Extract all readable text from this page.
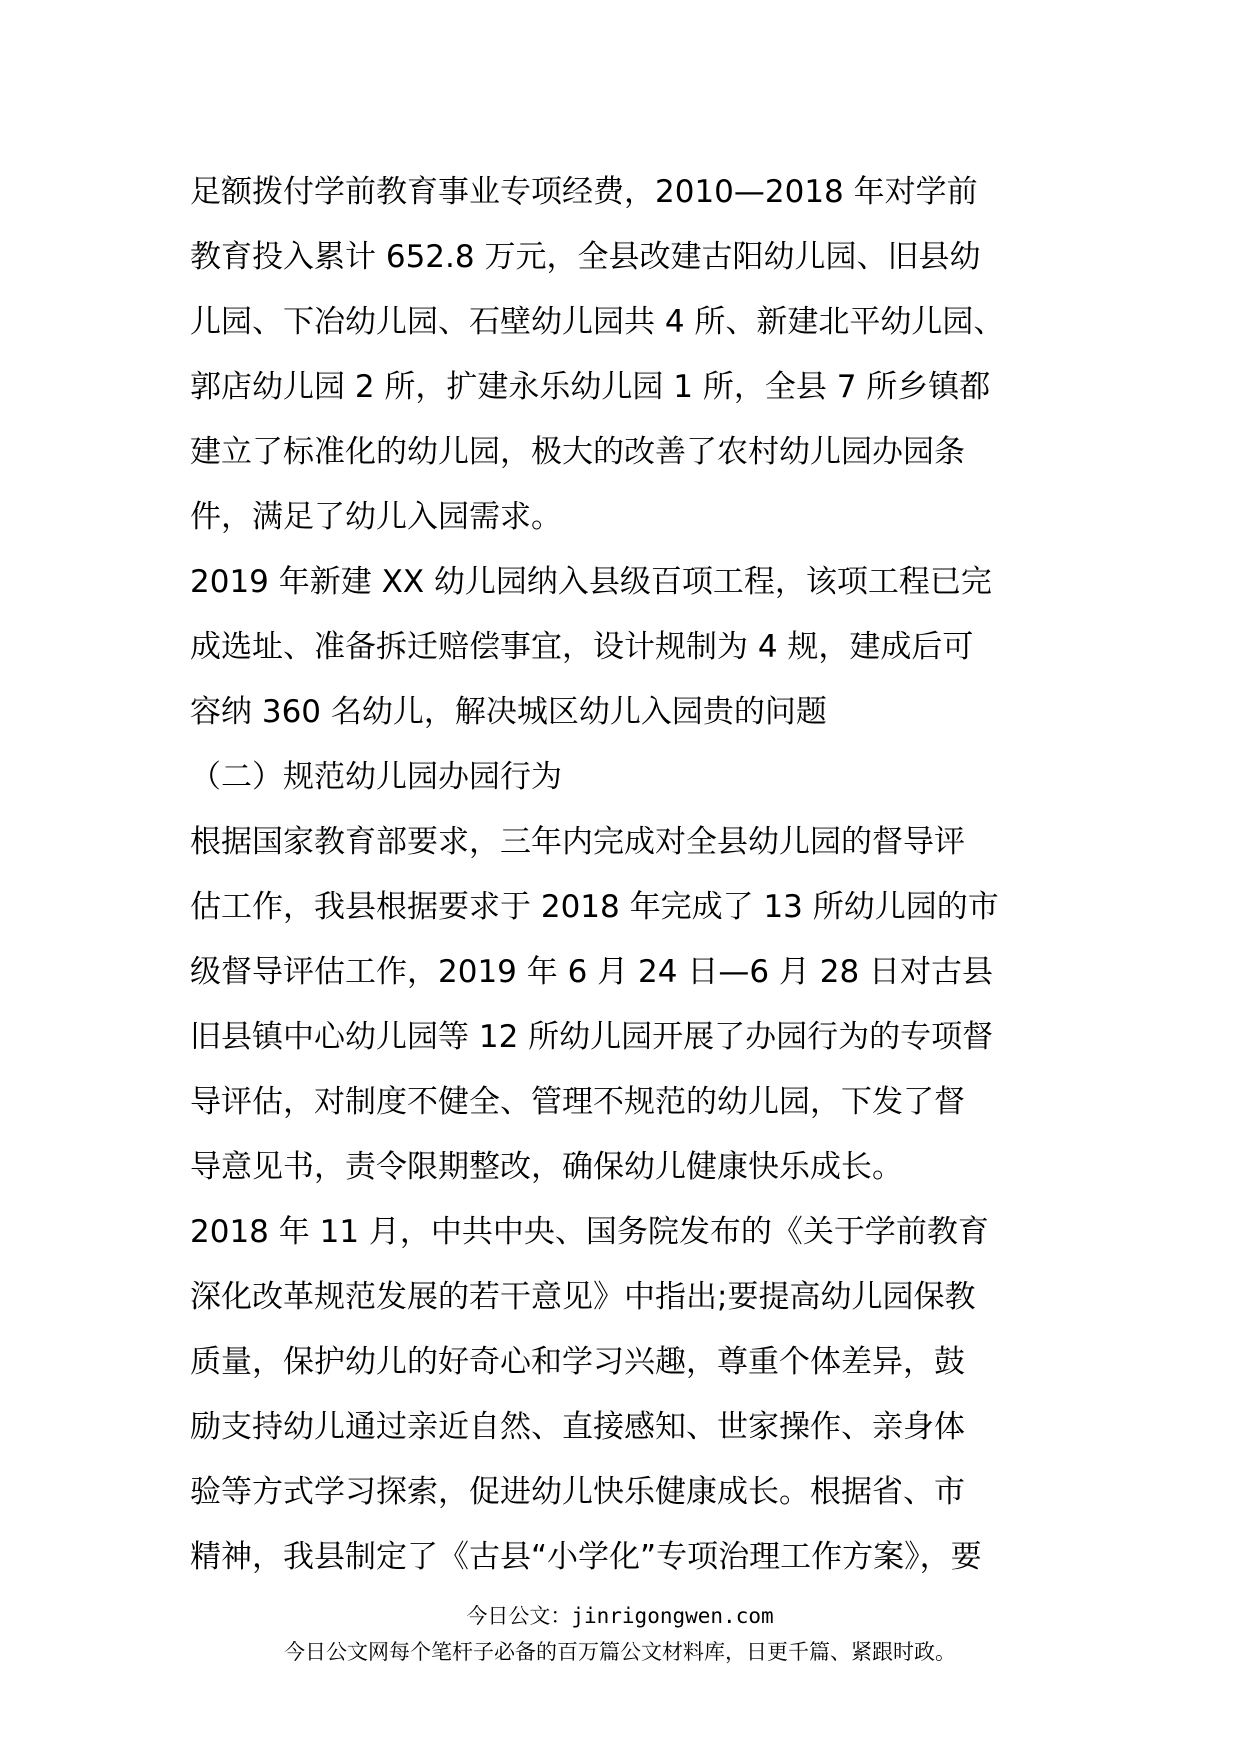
足额拨付学前教育事业专项经费，2010—2018 年对学前
教育投入累计 652.8 万元，全县改建古阳幼儿园、旧县幼
儿园、下冶幼儿园、石壁幼儿园共 4 所、新建北平幼儿园、
郭店幼儿园 2 所，扩建永乐幼儿园 1 所，全县 7 所乡镇都
建立了标准化的幼儿园，极大的改善了农村幼儿园办园条
件，满足了幼儿入园需求。
2019 年新建 XX 幼儿园纳入县级百项工程，该项工程已完
成选址、准备拆迁赔偿事宜，设计规制为 4 规，建成后可
容纳 360 名幼儿，解决城区幼儿入园贵的问题
（二）规范幼儿园办园行为
根据国家教育部要求，三年内完成对全县幼儿园的督导评
估工作，我县根据要求于 2018 年完成了 13 所幼儿园的市
级督导评估工作，2019 年 6 月 24 日—6 月 28 日对古县
旧县镇中心幼儿园等 12 所幼儿园开展了办园行为的专项督
导评估，对制度不健全、管理不规范的幼儿园，下发了督
导意见书，责令限期整改，确保幼儿健康快乐成长。
2018 年 11 月，中共中央、国务院发布的《关于学前教育
深化改革规范发展的若干意见》中指出;要提高幼儿园保教
质量，保护幼儿的好奇心和学习兴趣，尊重个体差异，鼓
励支持幼儿通过亲近自然、直接感知、世家操作、亲身体
验等方式学习探索，促进幼儿快乐健康成长。根据省、市
精神，我县制定了《古县“小学化”专项治理工作方案》，要
今日公文：jinrigongwen.com
今日公文网每个笔杆子必备的百万篇公文材料库，日更千篇、紧跟时政。
